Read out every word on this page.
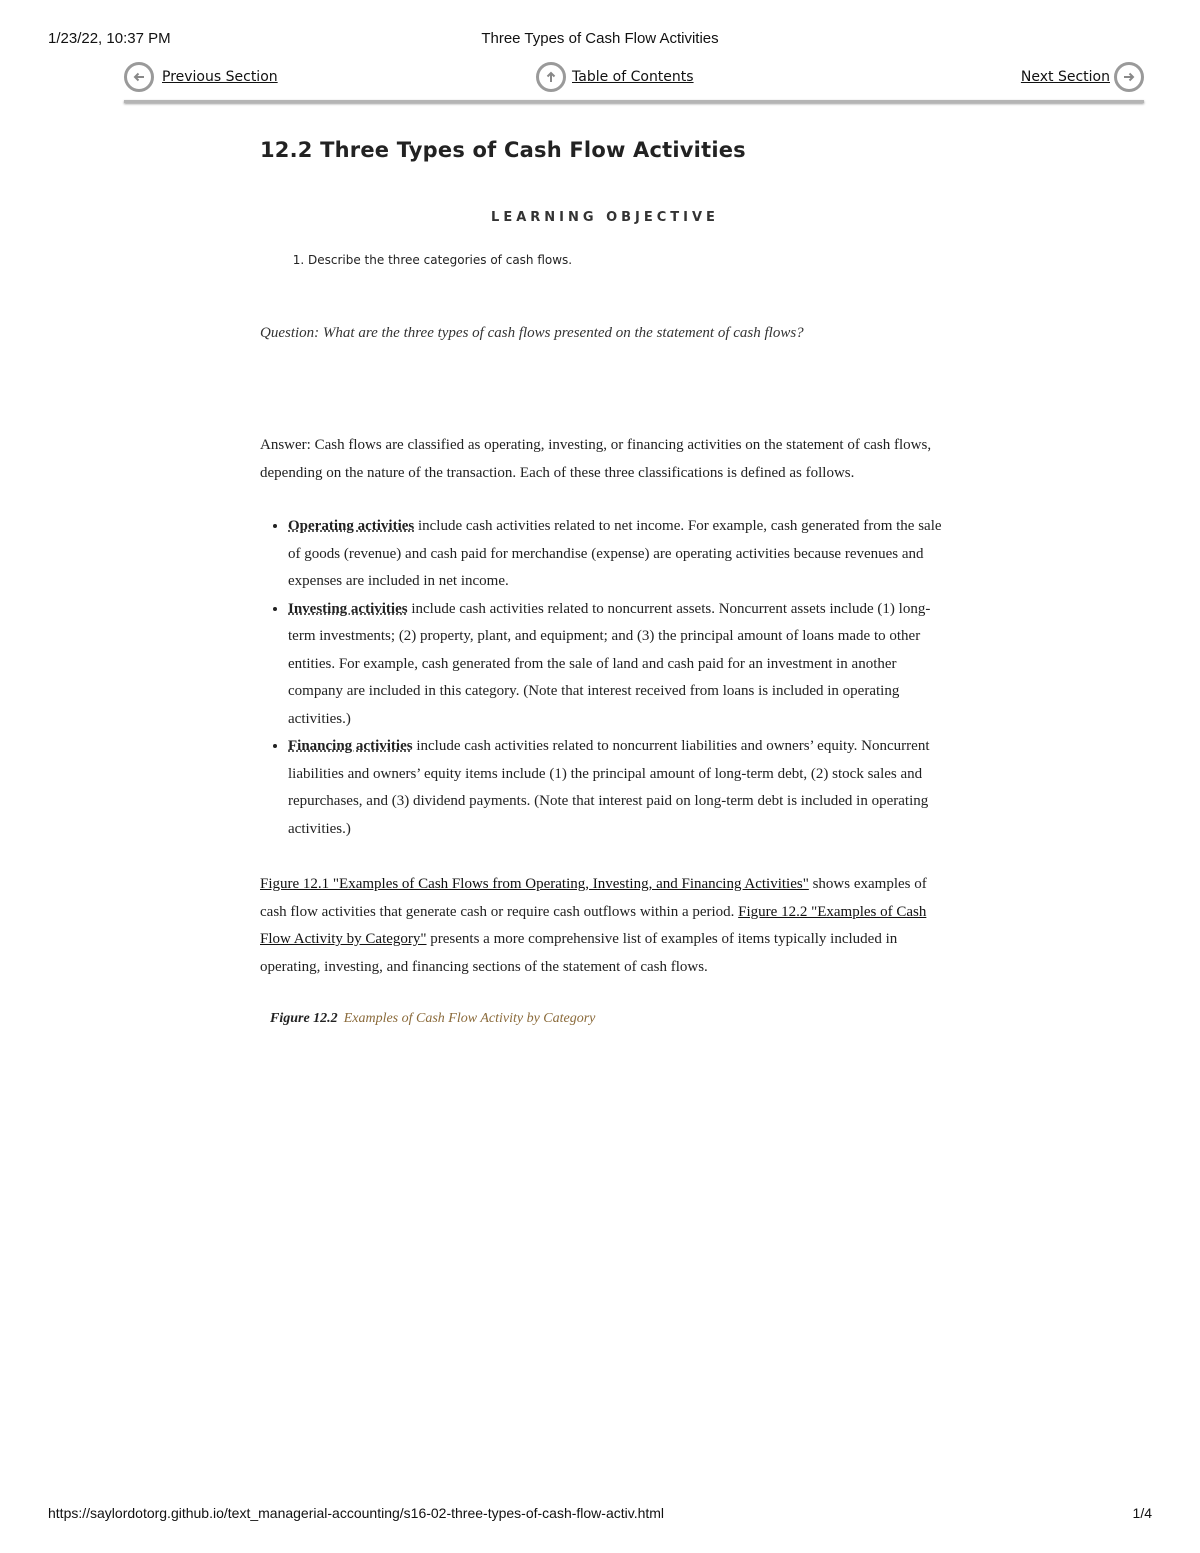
1/23/22, 10:37 PM	Three Types of Cash Flow Activities
Previous Section	Table of Contents	Next Section
12.2 Three Types of Cash Flow Activities
LEARNING OBJECTIVE
1. Describe the three categories of cash flows.
Question: What are the three types of cash flows presented on the statement of cash flows?
Answer: Cash flows are classified as operating, investing, or financing activities on the statement of cash flows, depending on the nature of the transaction. Each of these three classifications is defined as follows.
• Operating activities include cash activities related to net income. For example, cash generated from the sale of goods (revenue) and cash paid for merchandise (expense) are operating activities because revenues and expenses are included in net income.
• Investing activities include cash activities related to noncurrent assets. Noncurrent assets include (1) long-term investments; (2) property, plant, and equipment; and (3) the principal amount of loans made to other entities. For example, cash generated from the sale of land and cash paid for an investment in another company are included in this category. (Note that interest received from loans is included in operating activities.)
• Financing activities include cash activities related to noncurrent liabilities and owners’ equity. Noncurrent liabilities and owners’ equity items include (1) the principal amount of long-term debt, (2) stock sales and repurchases, and (3) dividend payments. (Note that interest paid on long-term debt is included in operating activities.)
Figure 12.1 "Examples of Cash Flows from Operating, Investing, and Financing Activities" shows examples of cash flow activities that generate cash or require cash outflows within a period. Figure 12.2 "Examples of Cash Flow Activity by Category" presents a more comprehensive list of examples of items typically included in operating, investing, and financing sections of the statement of cash flows.
Figure 12.2 Examples of Cash Flow Activity by Category
https://saylordotorg.github.io/text_managerial-accounting/s16-02-three-types-of-cash-flow-activ.html	1/4
